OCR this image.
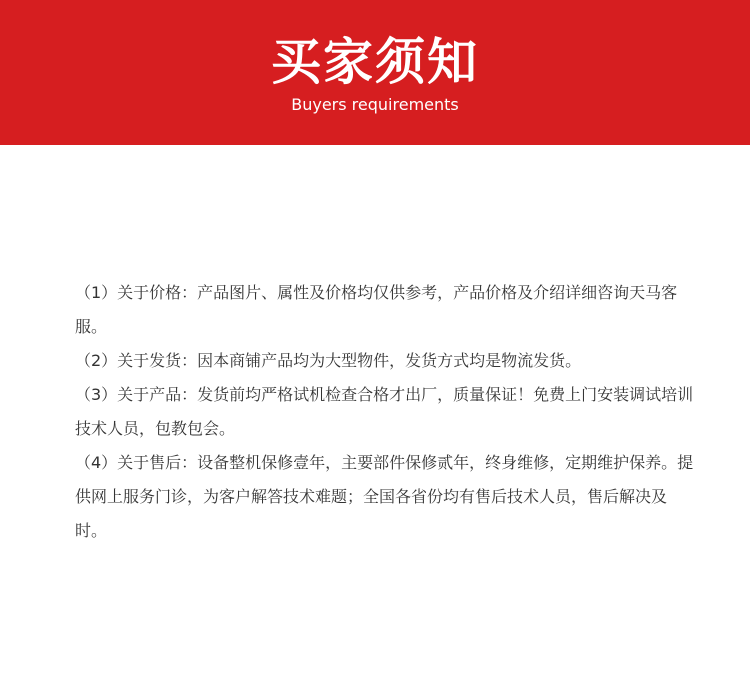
买家须知
Buyers requirements

（1）关于价格：产品图片、属性及价格均仅供参考，产品价格及介绍详细咨询天马客服。

（2）关于发货：因本商铺产品均为大型物件，发货方式均是物流发货。

（3）关于产品：发货前均严格试机检查合格才出厂，质量保证！免费上门安装调试培训技术人员，包教包会。

（4）关于售后：设备整机保修壹年，主要部件保修贰年，终身维修，定期维护保养。提供网上服务门诊，为客户解答技术难题；全国各省份均有售后技术人员，售后解决及时。
